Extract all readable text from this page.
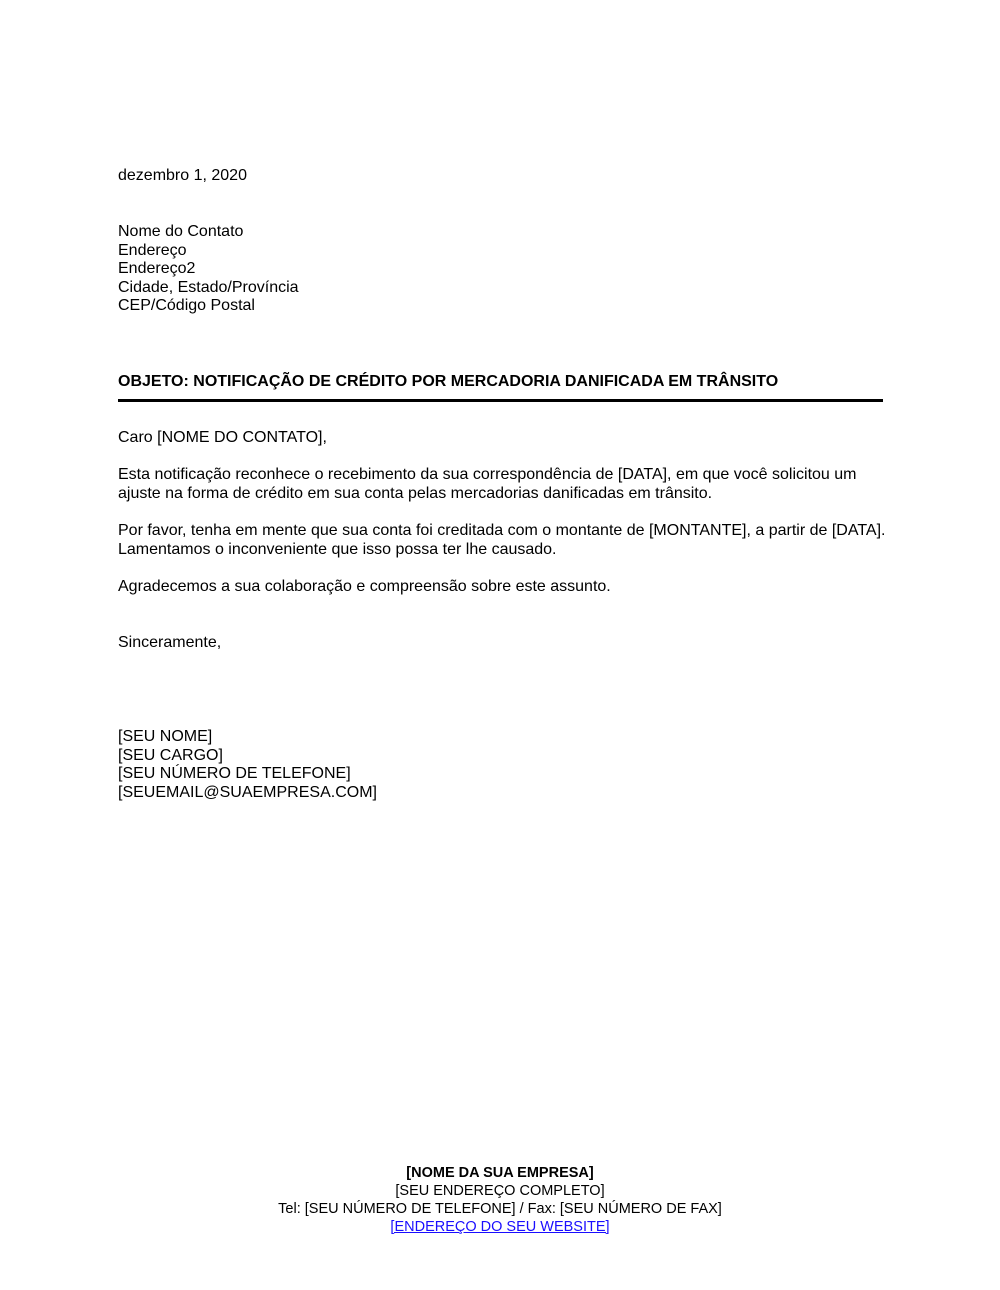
dezembro 1, 2020
Nome do Contato
Endereço
Endereço2
Cidade, Estado/Província
CEP/Código Postal
OBJETO: NOTIFICAÇÃO DE CRÉDITO POR MERCADORIA DANIFICADA EM TRÂNSITO
Caro [NOME DO CONTATO],
Esta notificação reconhece o recebimento da sua correspondência de [DATA], em que você solicitou um ajuste na forma de crédito em sua conta pelas mercadorias danificadas em trânsito.
Por favor, tenha em mente que sua conta foi creditada com o montante de [MONTANTE], a partir de [DATA]. Lamentamos o inconveniente que isso possa ter lhe causado.
Agradecemos a sua colaboração e compreensão sobre este assunto.
Sinceramente,
[SEU NOME]
[SEU CARGO]
[SEU NÚMERO DE TELEFONE]
[SEUEMAIL@SUAEMPRESA.COM]
[NOME DA SUA EMPRESA]
[SEU ENDEREÇO COMPLETO]
Tel: [SEU NÚMERO DE TELEFONE] / Fax: [SEU NÚMERO DE FAX]
[ENDEREÇO DO SEU WEBSITE]
